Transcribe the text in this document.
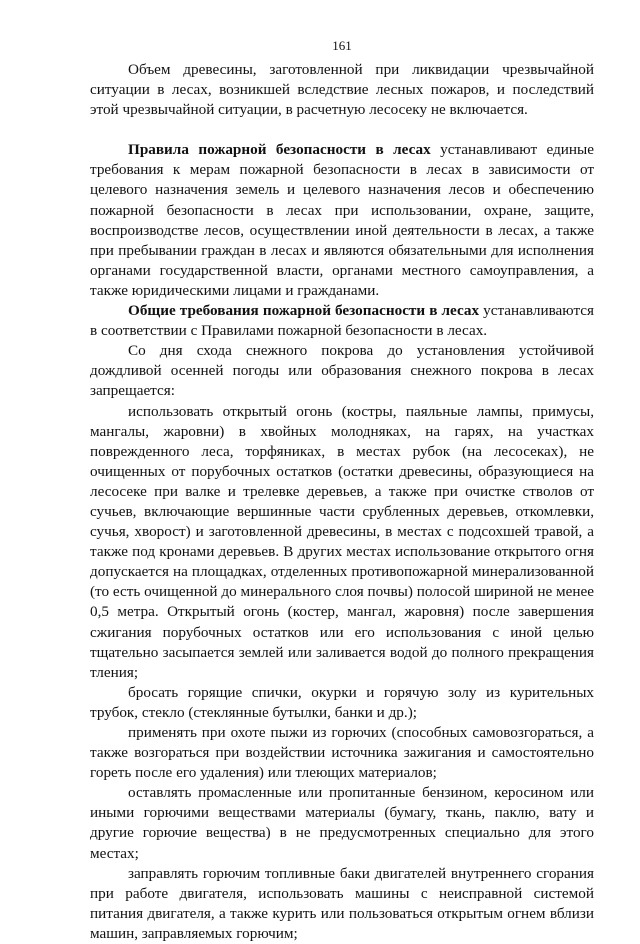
161

Объем древесины, заготовленной при ликвидации чрезвычайной ситуации в лесах, возникшей вследствие лесных пожаров, и последствий этой чрезвычайной ситуации, в расчетную лесосеку не включается.

Правила пожарной безопасности в лесах устанавливают единые требования к мерам пожарной безопасности в лесах в зависимости от целевого назначения земель и целевого назначения лесов и обеспечению пожарной безопасности в лесах при использовании, охране, защите, воспроизводстве лесов, осуществлении иной деятельности в лесах, а также при пребывании граждан в лесах и являются обязательными для исполнения органами государственной власти, органами местного самоуправления, а также юридическими лицами и гражданами.

Общие требования пожарной безопасности в лесах устанавливаются в соответствии с Правилами пожарной безопасности в лесах.

Со дня схода снежного покрова до установления устойчивой дождливой осенней погоды или образования снежного покрова в лесах запрещается:

использовать открытый огонь (костры, паяльные лампы, примусы, мангалы, жаровни) в хвойных молодняках, на гарях, на участках поврежденного леса, торфяниках, в местах рубок (на лесосеках), не очищенных от порубочных остатков (остатки древесины, образующиеся на лесосеке при валке и трелевке деревьев, а также при очистке стволов от сучьев, включающие вершинные части срубленных деревьев, откомлевки, сучья, хворост) и заготовленной древесины, в местах с подсохшей травой, а также под кронами деревьев. В других местах использование открытого огня допускается на площадках, отделенных противопожарной минерализованной (то есть очищенной до минерального слоя почвы) полосой шириной не менее 0,5 метра. Открытый огонь (костер, мангал, жаровня) после завершения сжигания порубочных остатков или его использования с иной целью тщательно засыпается землей или заливается водой до полного прекращения тления;

бросать горящие спички, окурки и горячую золу из курительных трубок, стекло (стеклянные бутылки, банки и др.);

применять при охоте пыжи из горючих (способных самовозгораться, а также возгораться при воздействии источника зажигания и самостоятельно гореть после его удаления) или тлеющих материалов;

оставлять промасленные или пропитанные бензином, керосином или иными горючими веществами материалы (бумагу, ткань, паклю, вату и другие горючие вещества) в не предусмотренных специально для этого местах;

заправлять горючим топливные баки двигателей внутреннего сгорания при работе двигателя, использовать машины с неисправной системой питания двигателя, а также курить или пользоваться открытым огнем вблизи машин, заправляемых горючим;
